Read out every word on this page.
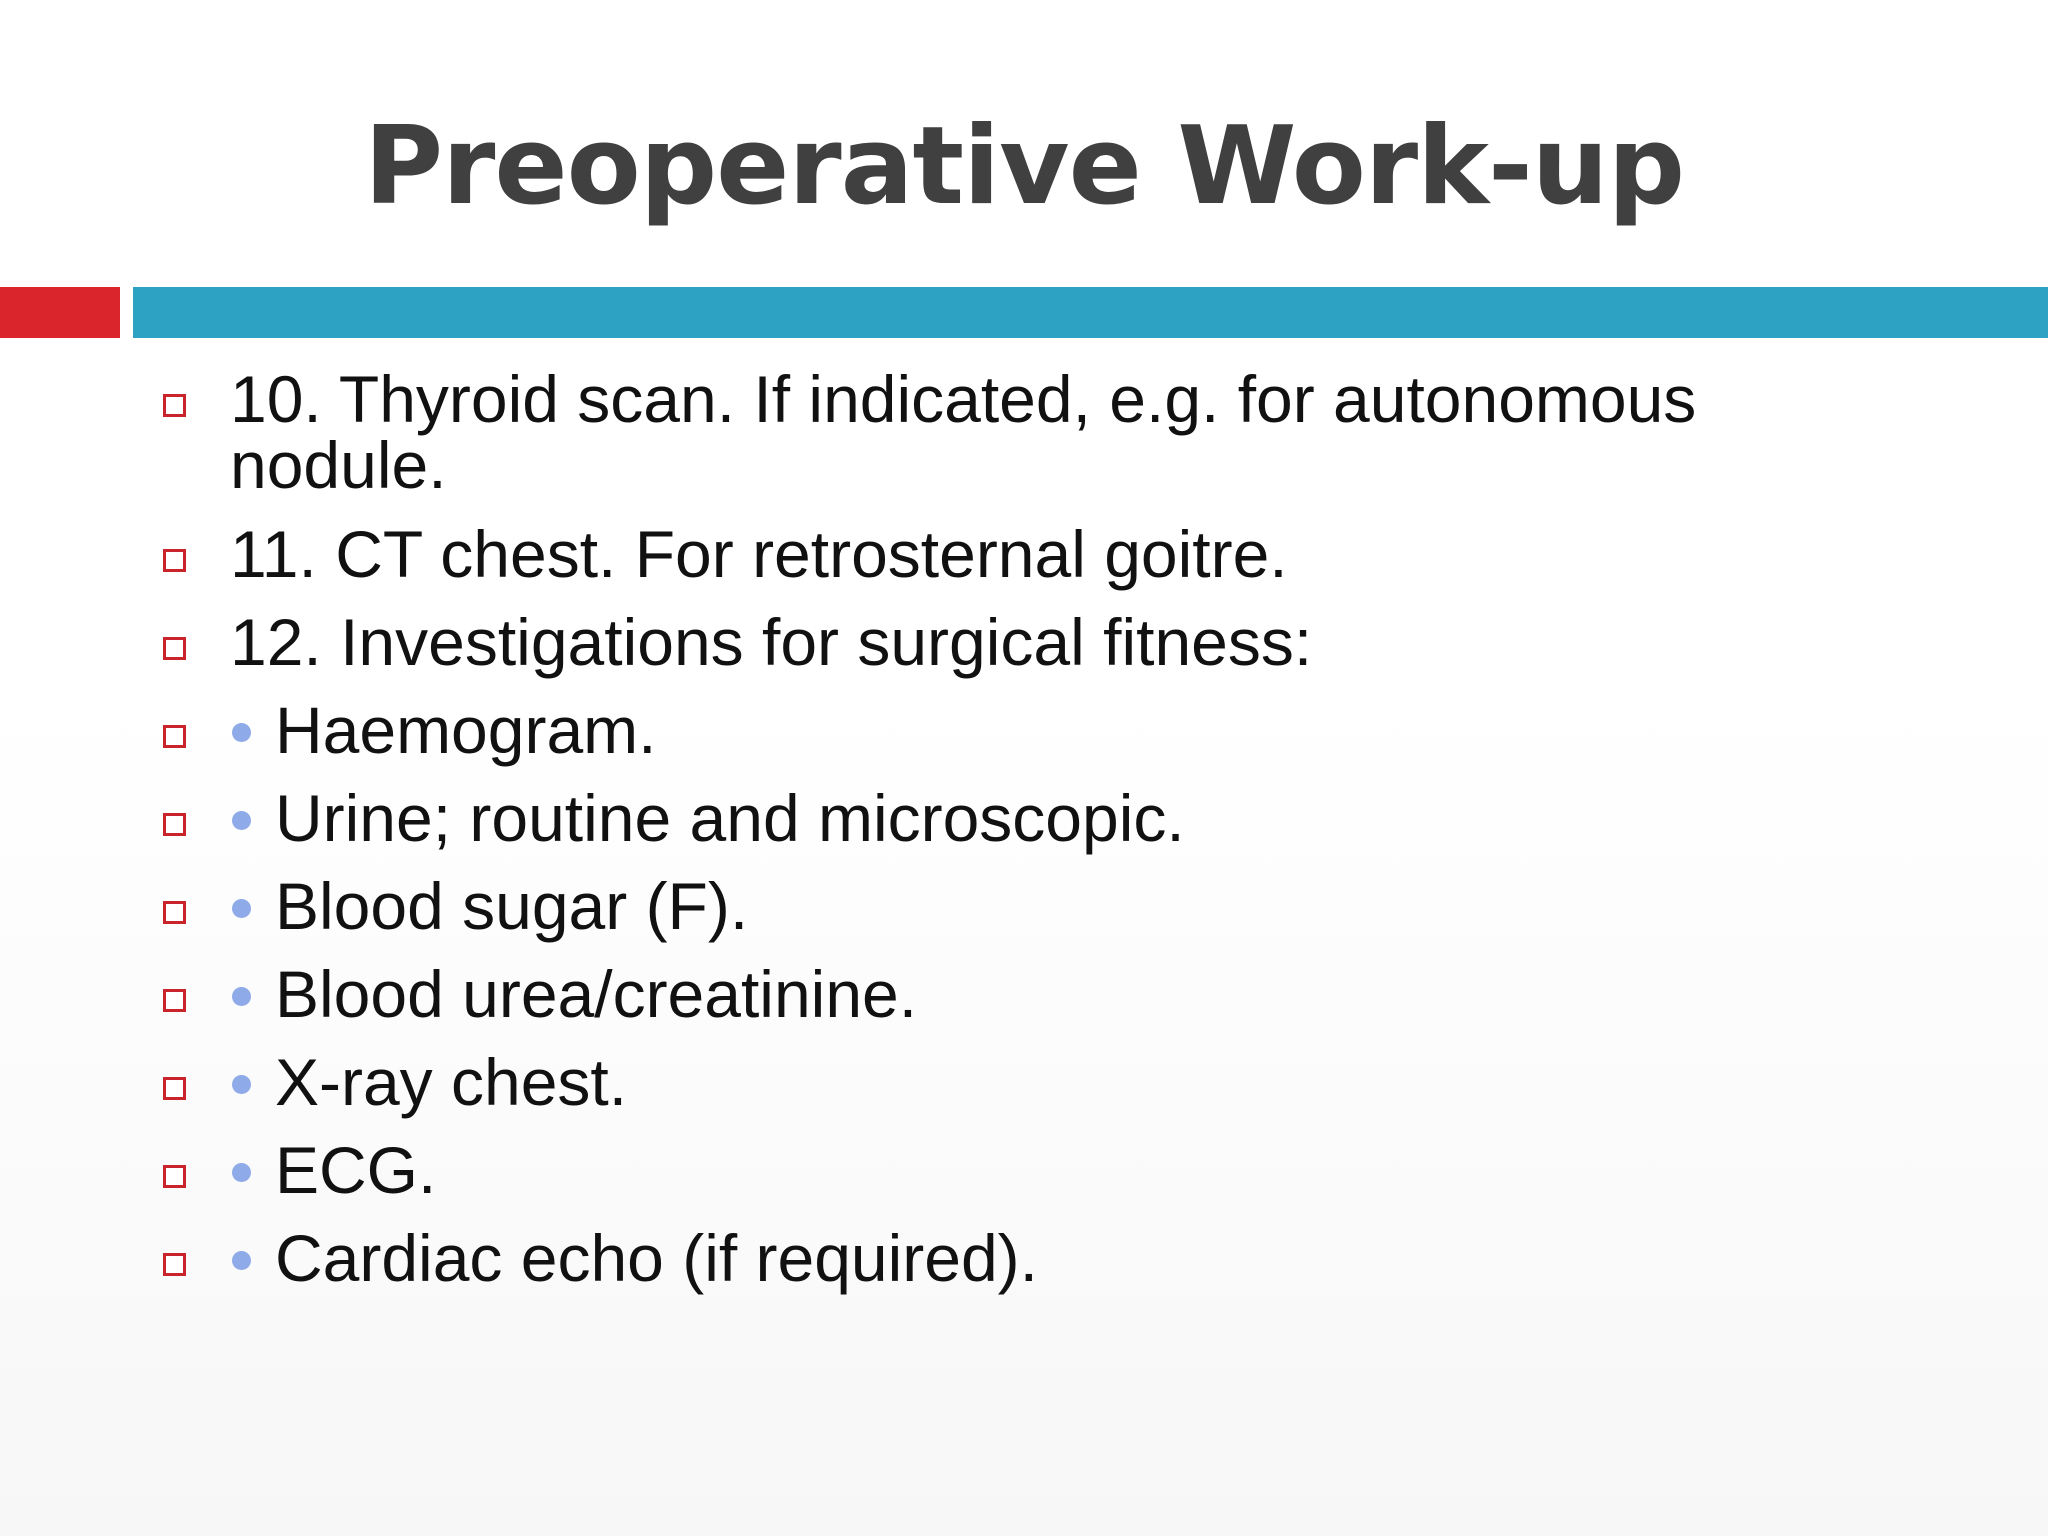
Preoperative Work-up
10. Thyroid scan. If indicated, e.g. for autonomous nodule.
11. CT chest. For retrosternal goitre.
12. Investigations for surgical fitness:
Haemogram.
Urine; routine and microscopic.
Blood sugar (F).
Blood urea/creatinine.
X-ray chest.
ECG.
Cardiac echo (if required).
